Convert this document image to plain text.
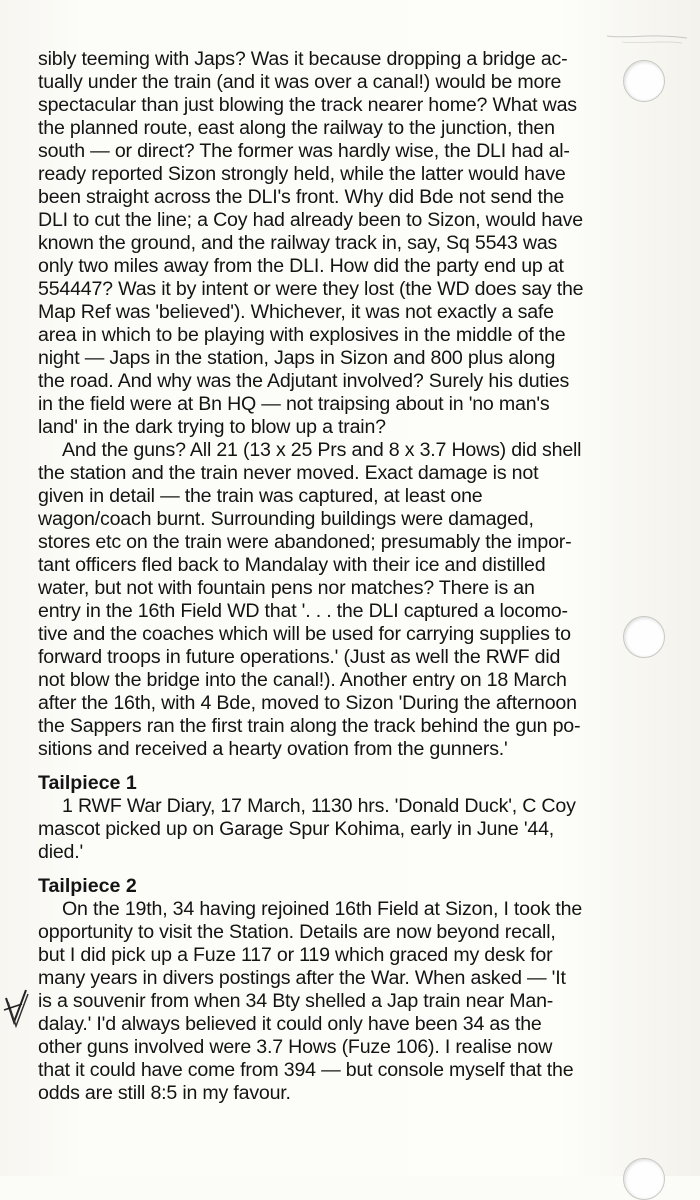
sibly teeming with Japs? Was it because dropping a bridge ac-
tually under the train (and it was over a canal!) would be more
spectacular than just blowing the track nearer home? What was
the planned route, east along the railway to the junction, then
south — or direct? The former was hardly wise, the DLI had al-
ready reported Sizon strongly held, while the latter would have
been straight across the DLI's front. Why did Bde not send the
DLI to cut the line; a Coy had already been to Sizon, would have
known the ground, and the railway track in, say, Sq 5543 was
only two miles away from the DLI. How did the party end up at
554447? Was it by intent or were they lost (the WD does say the
Map Ref was 'believed'). Whichever, it was not exactly a safe
area in which to be playing with explosives in the middle of the
night — Japs in the station, Japs in Sizon and 800 plus along
the road. And why was the Adjutant involved? Surely his duties
in the field were at Bn HQ — not traipsing about in 'no man's
land' in the dark trying to blow up a train?

And the guns? All 21 (13 x 25 Prs and 8 x 3.7 Hows) did shell
the station and the train never moved. Exact damage is not
given in detail — the train was captured, at least one
wagon/coach burnt. Surrounding buildings were damaged,
stores etc on the train were abandoned; presumably the impor-
tant officers fled back to Mandalay with their ice and distilled
water, but not with fountain pens nor matches? There is an
entry in the 16th Field WD that '. . . the DLI captured a locomo-
tive and the coaches which will be used for carrying supplies to
forward troops in future operations.' (Just as well the RWF did
not blow the bridge into the canal!). Another entry on 18 March
after the 16th, with 4 Bde, moved to Sizon 'During the afternoon
the Sappers ran the first train along the track behind the gun po-
sitions and received a hearty ovation from the gunners.'

Tailpiece 1

1 RWF War Diary, 17 March, 1130 hrs. 'Donald Duck', C Coy
mascot picked up on Garage Spur Kohima, early in June '44,
died.'

Tailpiece 2

On the 19th, 34 having rejoined 16th Field at Sizon, I took the
opportunity to visit the Station. Details are now beyond recall,
but I did pick up a Fuze 117 or 119 which graced my desk for
many years in divers postings after the War. When asked — 'It
is a souvenir from when 34 Bty shelled a Jap train near Man-
dalay.' I'd always believed it could only have been 34 as the
other guns involved were 3.7 Hows (Fuze 106). I realise now
that it could have come from 394 — but console myself that the
odds are still 8:5 in my favour.
